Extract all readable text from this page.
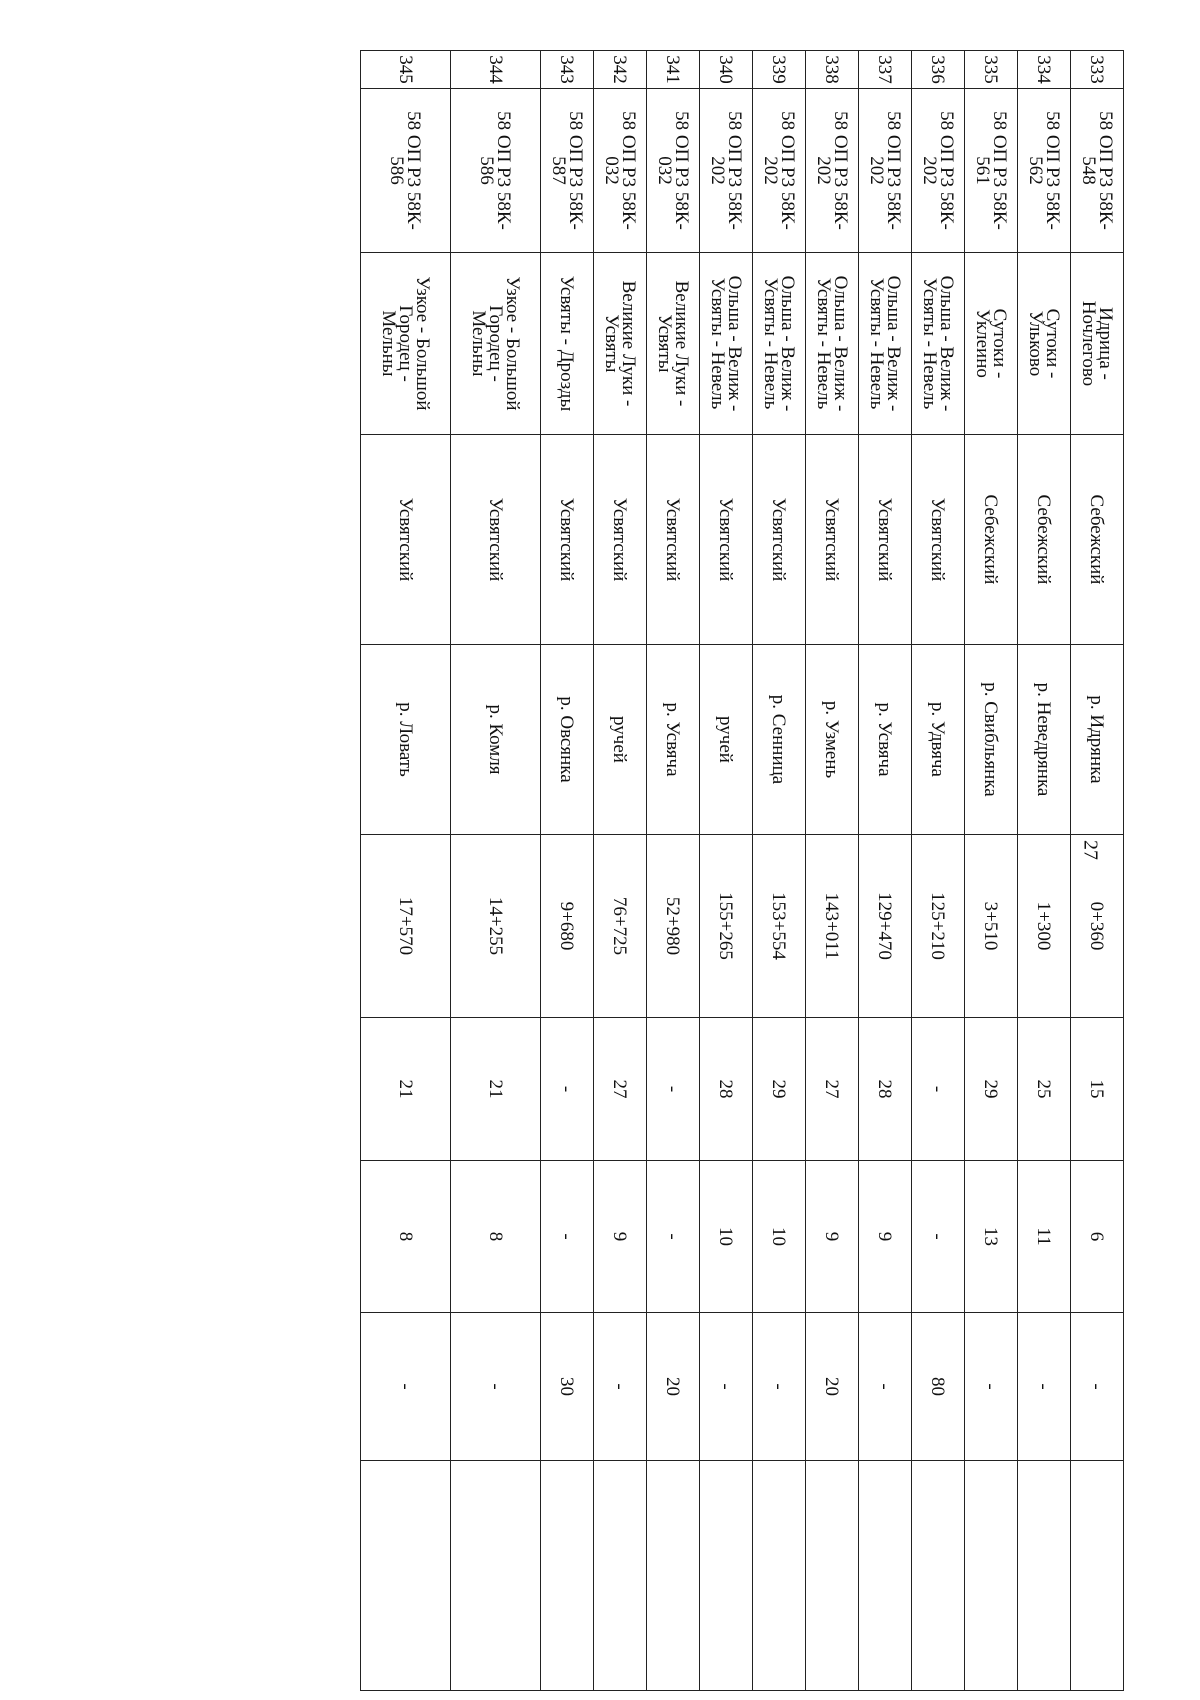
27
333	58 ОП Р3 58К-
548	Идрица -
Ночлегово	Себежский	р. Идрянка	0+360	15	6	-	
334	58 ОП Р3 58К-
562	Сутоки -
Ульково	Себежский	р. Неведрянка	1+300	25	11	-	
335	58 ОП Р3 58К-
561	Сутоки -
Уклеино	Себежский	р. Свибльянка	3+510	29	13	-	
336	58 ОП Р3 58К-
202	Ольша - Велиж -
Усвяты - Невель	Усвятский	р. Удвяча	125+210	-	-	80	
337	58 ОП Р3 58К-
202	Ольша - Велиж -
Усвяты - Невель	Усвятский	р. Усвяча	129+470	28	9	-	
338	58 ОП Р3 58К-
202	Ольша - Велиж -
Усвяты - Невель	Усвятский	р. Узмень	143+011	27	9	20	
339	58 ОП Р3 58К-
202	Ольша - Велиж -
Усвяты - Невель	Усвятский	р. Сенница	153+554	29	10	-	
340	58 ОП Р3 58К-
202	Ольша - Велиж -
Усвяты - Невель	Усвятский	ручей	155+265	28	10	-	
341	58 ОП Р3 58К-
032	Великие Луки -
Усвяты	Усвятский	р. Усвяча	52+980	-	-	20	
342	58 ОП Р3 58К-
032	Великие Луки -
Усвяты	Усвятский	ручей	76+725	27	9	-	
343	58 ОП Р3 58К-
587	Усвяты - Дрозды	Усвятский	р. Овсянка	9+680	-	-	30	
344	58 ОП Р3 58К-
586	Узкое - Большой
Городец -
Мельны	Усвятский	р. Комля	14+255	21	8	-	
345	58 ОП Р3 58К-
586	Узкое - Большой
Городец -
Мельны	Усвятский	р. Ловать	17+570	21	8	-	
